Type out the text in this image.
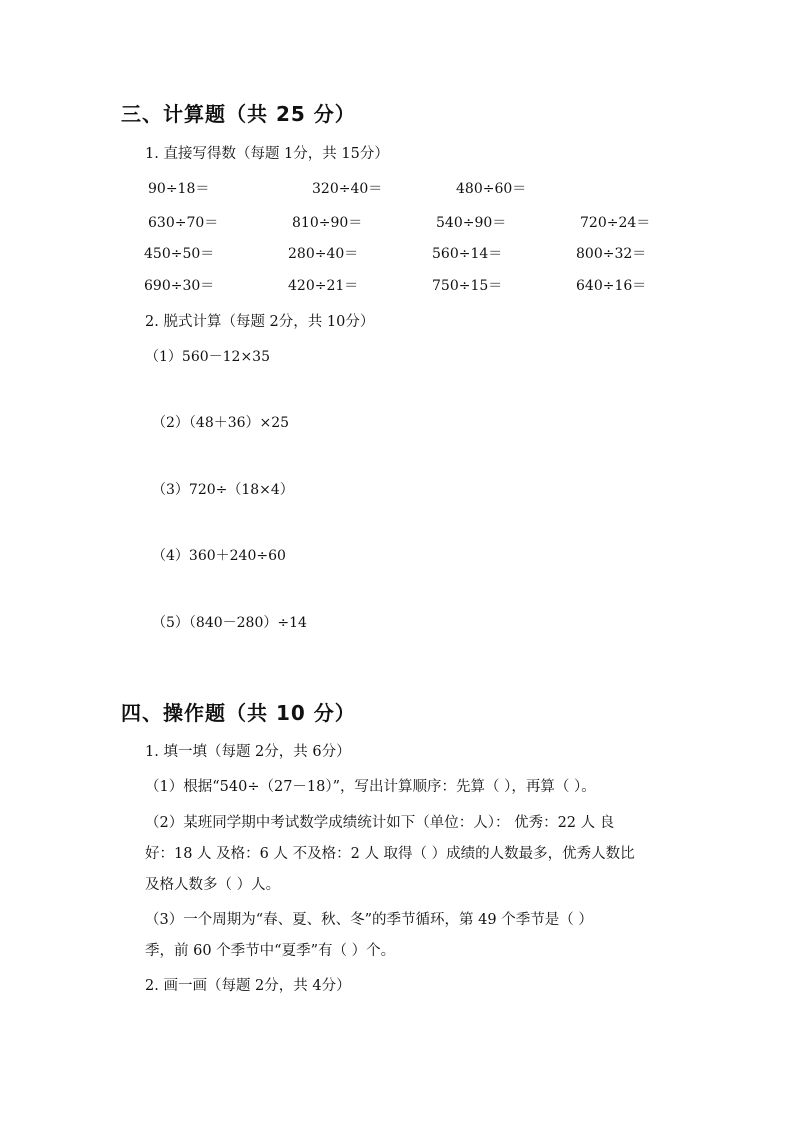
三、计算题（共 25 分）
1. 直接写得数（每题 1分，共 15分）
90÷18＝	320÷40＝	480÷60＝
630÷70＝	810÷90＝	540÷90＝	720÷24＝
450÷50＝	280÷40＝	560÷14＝	800÷32＝
690÷30＝	420÷21＝	750÷15＝	640÷16＝
2. 脱式计算（每题 2分，共 10分）
（1）560－12×35
（2）（48＋36）×25
（3）720÷（18×4）
（4）360＋240÷60
（5）（840－280）÷14
四、操作题（共 10 分）
1. 填一填（每题 2分，共 6分）
（1）根据“540÷（27－18）”，写出计算顺序：先算（ ），再算（ ）。
（2）某班同学期中考试数学成绩统计如下（单位：人）： 优秀：22 人 良
好：18 人 及格：6 人 不及格：2 人 取得（ ）成绩的人数最多，优秀人数比
及格人数多（ ）人。
（3）一个周期为“春、夏、秋、冬”的季节循环，第 49 个季节是（ ）
季，前 60 个季节中“夏季”有（ ）个。
2. 画一画（每题 2分，共 4分）
